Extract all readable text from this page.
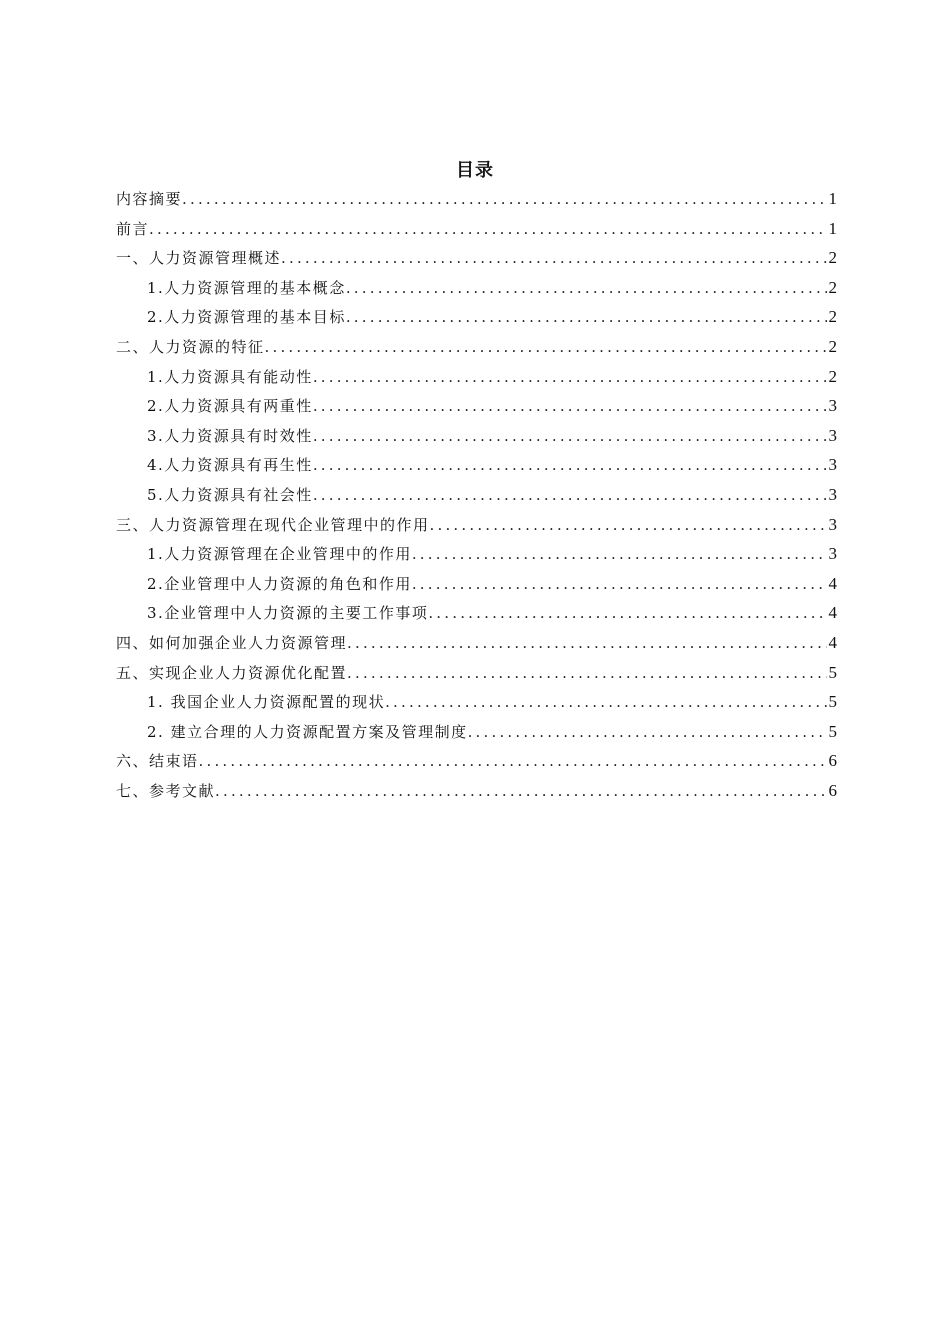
目录
内容摘要 .....	1
前言 .....	1
一、人力资源管理概述 .....	2
1.人力资源管理的基本概念 .....	2
2.人力资源管理的基本目标 .....	2
二、人力资源的特征 .....	2
1.人力资源具有能动性 .....	2
2.人力资源具有两重性 .....	3
3.人力资源具有时效性 .....	3
4.人力资源具有再生性 .....	3
5.人力资源具有社会性 .....	3
三、人力资源管理在现代企业管理中的作用 .....	3
1.人力资源管理在企业管理中的作用 .....	3
2.企业管理中人力资源的角色和作用 .....	4
3.企业管理中人力资源的主要工作事项 .....	4
四、如何加强企业人力资源管理 .....	4
五、实现企业人力资源优化配置 .....	5
1. 我国企业人力资源配置的现状 .....	5
2. 建立合理的人力资源配置方案及管理制度 .....	5
六、结束语 .....	6
七、参考文献 .....	6
